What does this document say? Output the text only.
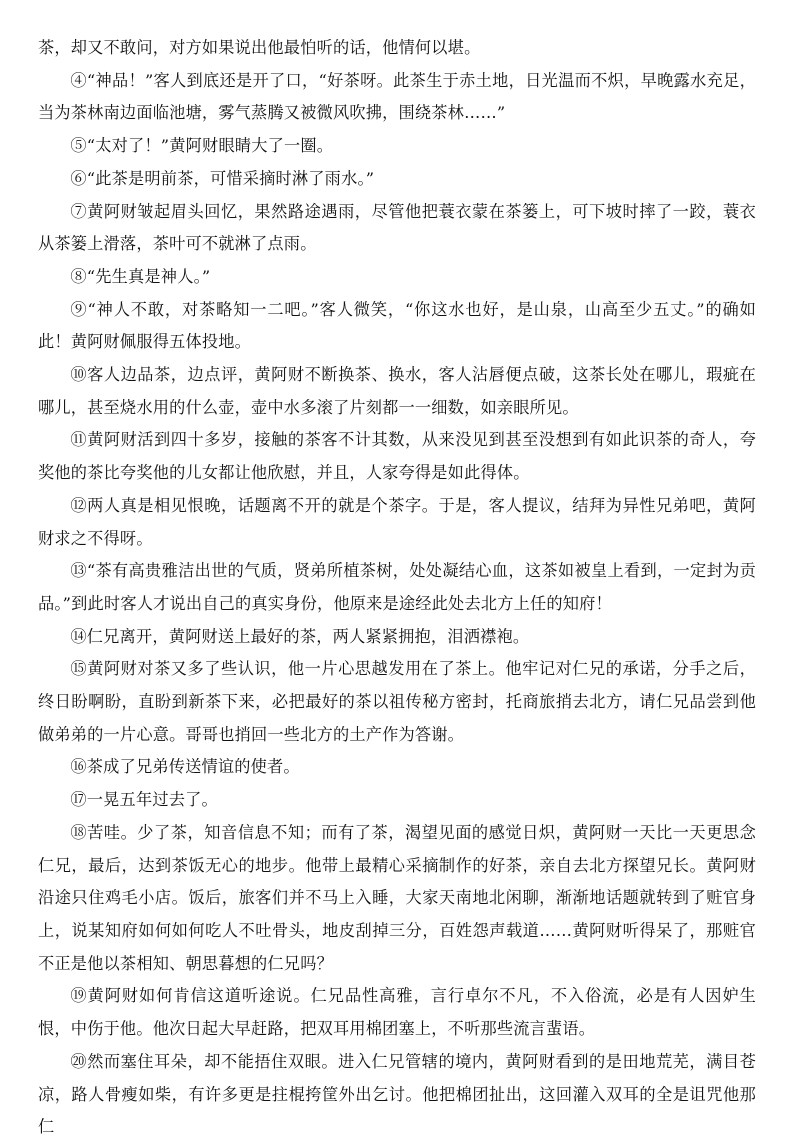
茶，却又不敢问，对方如果说出他最怕听的话，他情何以堪。

④“神品！”客人到底还是开了口，“好茶呀。此茶生于赤土地，日光温而不炽，早晚露水充足，当为茶林南边面临池塘，雾气蒸腾又被微风吹拂，围绕茶林……”

⑤“太对了！”黄阿财眼睛大了一圈。

⑥“此茶是明前茶，可惜采摘时淋了雨水。”

⑦黄阿财皱起眉头回忆，果然路途遇雨，尽管他把蓑衣蒙在茶篓上，可下坡时摔了一跤，蓑衣从茶篓上滑落，茶叶可不就淋了点雨。

⑧“先生真是神人。”

⑨“神人不敢，对茶略知一二吧。”客人微笑，“你这水也好，是山泉，山高至少五丈。”的确如此！黄阿财佩服得五体投地。

⑩客人边品茶，边点评，黄阿财不断换茶、换水，客人沾唇便点破，这茶长处在哪儿，瑕疵在哪儿，甚至烧水用的什么壶，壶中水多滚了片刻都一一细数，如亲眼所见。

⑪黄阿财活到四十多岁，接触的茶客不计其数，从来没见到甚至没想到有如此识茶的奇人，夸奖他的茶比夸奖他的儿女都让他欣慰，并且，人家夸得是如此得体。

⑫两人真是相见恨晚，话题离不开的就是个茶字。于是，客人提议，结拜为异性兄弟吧，黄阿财求之不得呀。

⑬“茶有高贵雅洁出世的气质，贤弟所植茶树，处处凝结心血，这茶如被皇上看到，一定封为贡品。”到此时客人才说出自己的真实身份，他原来是途经此处去北方上任的知府！

⑭仁兄离开，黄阿财送上最好的茶，两人紧紧拥抱，泪洒襟袍。

⑮黄阿财对茶又多了些认识，他一片心思越发用在了茶上。他牢记对仁兄的承诺，分手之后，终日盼啊盼，直盼到新茶下来，必把最好的茶以祖传秘方密封，托商旅捎去北方，请仁兄品尝到他做弟弟的一片心意。哥哥也捎回一些北方的土产作为答谢。

⑯茶成了兄弟传送情谊的使者。

⑰一晃五年过去了。

⑱苦哇。少了茶，知音信息不知；而有了茶，渴望见面的感觉日炽，黄阿财一天比一天更思念仁兄，最后，达到茶饭无心的地步。他带上最精心采摘制作的好茶，亲自去北方探望兄长。黄阿财沿途只住鸡毛小店。饭后，旅客们并不马上入睡，大家天南地北闲聊，渐渐地话题就转到了赃官身上，说某知府如何如何吃人不吐骨头，地皮刮掉三分，百姓怨声载道……黄阿财听得呆了，那赃官不正是他以茶相知、朝思暮想的仁兄吗？

⑲黄阿财如何肯信这道听途说。仁兄品性高雅，言行卓尔不凡，不入俗流，必是有人因妒生恨，中伤于他。他次日起大早赶路，把双耳用棉团塞上，不听那些流言蜚语。

⑳然而塞住耳朵，却不能捂住双眼。进入仁兄管辖的境内，黄阿财看到的是田地荒芜，满目苍凉，路人骨瘦如柴，有许多更是拄棍挎筐外出乞讨。他把棉团扯出，这回灌入双耳的全是诅咒他那仁
